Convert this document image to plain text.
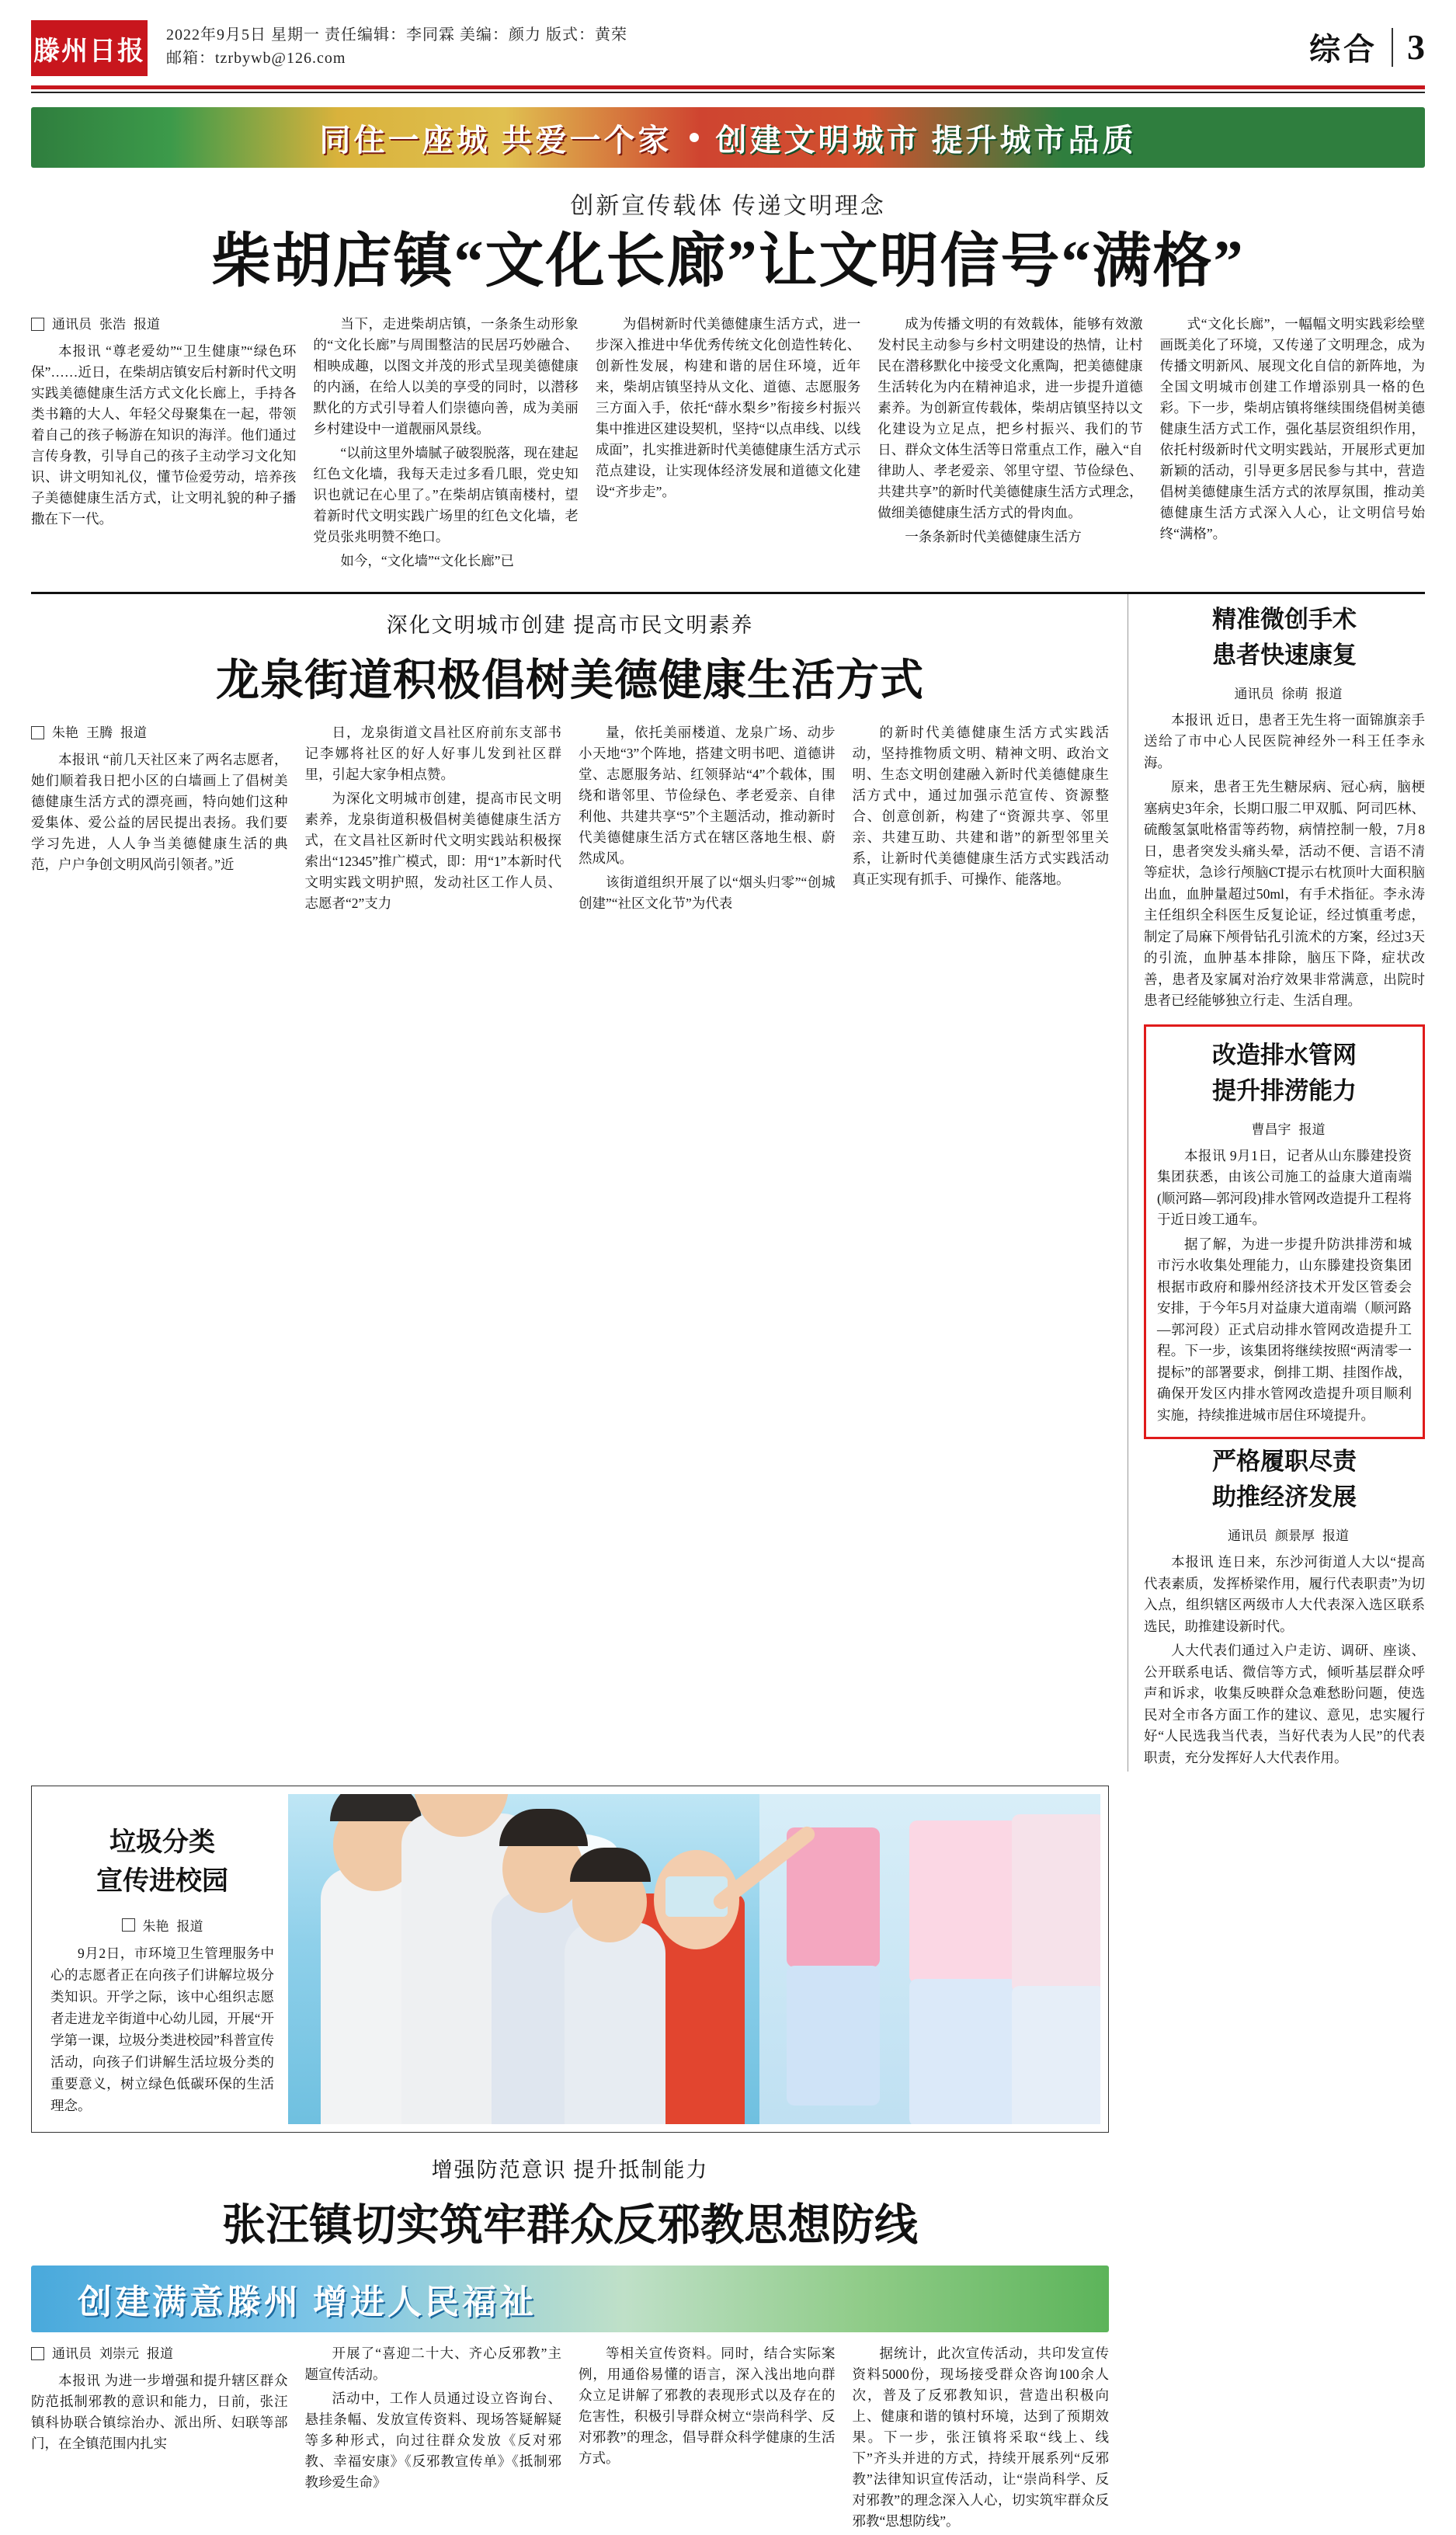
滕州日报
2022年9月5日 星期一 责任编辑：李同霖 美编：颜力 版式：黄荣
邮箱：tzrbywb@126.com	综合 3
同住一座城 共爱一个家 创建文明城市 提升城市品质
创新宣传载体 传递文明理念
柴胡店镇“文化长廊”让文明信号“满格”
通讯员 张浩 报道

本报讯 “尊老爱幼”“卫生健康”“绿色环保”……近日，在柴胡店镇安后村新时代文明实践美德健康生活方式文化长廊上，手持各类书籍的大人、年轻父母聚集在一起，带领着自己的孩子畅游在知识的海洋。他们通过言传身教，引导自己的孩子主动学习文化知识、讲文明知礼仪，懂节俭爱劳动，培养孩子美德健康生活方式，让文明礼貌的种子播撒在下一代。

当下，走进柴胡店镇，一条条生动形象的“文化长廊”与周围整洁的民居巧妙融合、相映成趣，以图文并茂的形式呈现美德健康的内涵，在给人以美的享受的同时，以潜移默化的方式引导着人们崇德向善，成为美丽乡村建设中一道靓丽风景线。

“以前这里外墙腻子破裂脱落，现在建起红色文化墙，我每天走过多看几眼，党史知识也就记在心里了。”在柴胡店镇南楼村，望着新时代文明实践广场里的红色文化墙，老党员张兆明赞不绝口。

如今，“文化墙”“文化长廊”已

为倡树新时代美德健康生活方式，进一步深入推进中华优秀传统文化创造性转化、创新性发展，构建和谐的居住环境，近年来，柴胡店镇坚持从文化、道德、志愿服务三方面入手，依托“薛水梨乡”衔接乡村振兴集中推进区建设契机，坚持“以点串线、以线成面”，扎实推进新时代美德健康生活方式示范点建设，让实现体经济发展和道德文化建设“齐步走”。

成为传播文明的有效载体，能够有效激发村民主动参与乡村文明建设的热情，让村民在潜移默化中接受文化熏陶，把美德健康生活转化为内在精神追求，进一步提升道德素养。为创新宣传载体，柴胡店镇坚持以文化建设为立足点，把乡村振兴、我们的节日、群众文体生活等日常重点工作，融入“自律助人、孝老爱亲、邻里守望、节俭绿色、共建共享”的新时代美德健康生活方式理念，做细美德健康生活方式的骨肉血。

一条条新时代美德健康生活方

式“文化长廊”，一幅幅文明实践彩绘壁画既美化了环境，又传递了文明理念，成为传播文明新风、展现文化自信的新阵地，为全国文明城市创建工作增添别具一格的色彩。下一步，柴胡店镇将继续围绕倡树美德健康生活方式工作，强化基层资组织作用，依托村级新时代文明实践站，开展形式更加新颖的活动，引导更多居民参与其中，营造倡树美德健康生活方式的浓厚氛围，推动美德健康生活方式深入人心，让文明信号始终“满格”。

深化文明城市创建 提高市民文明素养
龙泉街道积极倡树美德健康生活方式
朱艳 王腾 报道

本报讯 “前几天社区来了两名志愿者，她们顺着我日把小区的白墙画上了倡树美德健康生活方式的漂亮画，特向她们这种爱集体、爱公益的居民提出表扬。我们要学习先进，人人争当美德健康生活的典范，户户争创文明风尚引领者。”近

日，龙泉街道文昌社区府前东支部书记李娜将社区的好人好事儿发到社区群里，引起大家争相点赞。

为深化文明城市创建，提高市民文明素养，龙泉街道积极倡树美德健康生活方式，在文昌社区新时代文明实践站积极探索出“12345”推广模式，即：用“1”本新时代文明实践文明护照，发动社区工作人员、志愿者“2”支力

量，依托美丽楼道、龙泉广场、动步小天地“3”个阵地，搭建文明书吧、道德讲堂、志愿服务站、红领驿站“4”个载体，围绕和谐邻里、节俭绿色、孝老爱亲、自律利他、共建共享“5”个主题活动，推动新时代美德健康生活方式在辖区落地生根、蔚然成风。

该街道组织开展了以“烟头归零”“创城创建”“社区文化节”为代表

的新时代美德健康生活方式实践活动，坚持推物质文明、精神文明、政治文明、生态文明创建融入新时代美德健康生活方式中，通过加强示范宣传、资源整合、创意创新，构建了“资源共享、邻里亲、共建互助、共建和谐”的新型邻里关系，让新时代美德健康生活方式实践活动真正实现有抓手、可操作、能落地。

精准微创手术
患者快速康复
通讯员 徐萌 报道

本报讯 近日，患者王先生将一面锦旗亲手送给了市中心人民医院神经外一科王任李永海。

原来，患者王先生糖尿病、冠心病，脑梗塞病史3年余，长期口服二甲双胍、阿司匹林、硫酸氢氯吡格雷等药物，病情控制一般，7月8日，患者突发头痛头晕，活动不便、言语不清等症状，急诊行颅脑CT提示右枕顶叶大面积脑出血，血肿量超过50ml，有手术指征。李永涛主任组织全科医生反复论证，经过慎重考虑，制定了局麻下颅骨钻孔引流术的方案，经过3天的引流，血肿基本排除，脑压下降，症状改善，患者及家属对治疗效果非常满意，出院时患者已经能够独立行走、生活自理。

改造排水管网
提升排涝能力
曹昌宇 报道

本报讯 9月1日，记者从山东滕建投资集团获悉，由该公司施工的益康大道南端(顺河路—郭河段)排水管网改造提升工程将于近日竣工通车。

据了解，为进一步提升防洪排涝和城市污水收集处理能力，山东滕建投资集团根据市政府和滕州经济技术开发区管委会安排，于今年5月对益康大道南端（顺河路—郭河段）正式启动排水管网改造提升工程。下一步，该集团将继续按照“两清零一提标”的部署要求，倒排工期、挂图作战，确保开发区内排水管网改造提升项目顺利实施，持续推进城市居住环境提升。

严格履职尽责
助推经济发展
通讯员 颜景厚 报道

本报讯 连日来，东沙河街道人大以“提高代表素质，发挥桥梁作用，履行代表职责”为切入点，组织辖区两级市人大代表深入选区联系选民，助推建设新时代。

人大代表们通过入户走访、调研、座谈、公开联系电话、微信等方式，倾听基层群众呼声和诉求，收集反映群众急难愁盼问题，使选民对全市各方面工作的建议、意见，忠实履行好“人民选我当代表，当好代表为人民”的代表职责，充分发挥好人大代表作用。

垃圾分类
宣传进校园
朱艳 报道

9月2日，市环境卫生管理服务中心的志愿者正在向孩子们讲解垃圾分类知识。开学之际，该中心组织志愿者走进龙辛街道中心幼儿园，开展“开学第一课，垃圾分类进校园”科普宣传活动，向孩子们讲解生活垃圾分类的重要意义，树立绿色低碳环保的生活理念。

增强防范意识 提升抵制能力
张汪镇切实筑牢群众反邪教思想防线
创建满意滕州 增进人民福祉
通讯员 刘崇元 报道

本报讯 为进一步增强和提升辖区群众防范抵制邪教的意识和能力，日前，张汪镇科协联合镇综治办、派出所、妇联等部门，在全镇范围内扎实

开展了“喜迎二十大、齐心反邪教”主题宣传活动。

活动中，工作人员通过设立咨询台、悬挂条幅、发放宣传资料、现场答疑解疑等多种形式，向过往群众发放《反对邪教、幸福安康》《反邪教宣传单》《抵制邪教珍爱生命》

等相关宣传资料。同时，结合实际案例，用通俗易懂的语言，深入浅出地向群众立足讲解了邪教的表现形式以及存在的危害性，积极引导群众树立“崇尚科学、反对邪教”的理念，倡导群众科学健康的生活方式。

据统计，此次宣传活动，共印发宣传资料5000份，现场接受群众咨询100余人次，普及了反邪教知识，营造出积极向上、健康和谐的镇村环境，达到了预期效果。下一步，张汪镇将采取“线上、线下”齐头并进的方式，持续开展系列“反邪教”法律知识宣传活动，让“崇尚科学、反对邪教”的理念深入人心，切实筑牢群众反邪教“思想防线”。
